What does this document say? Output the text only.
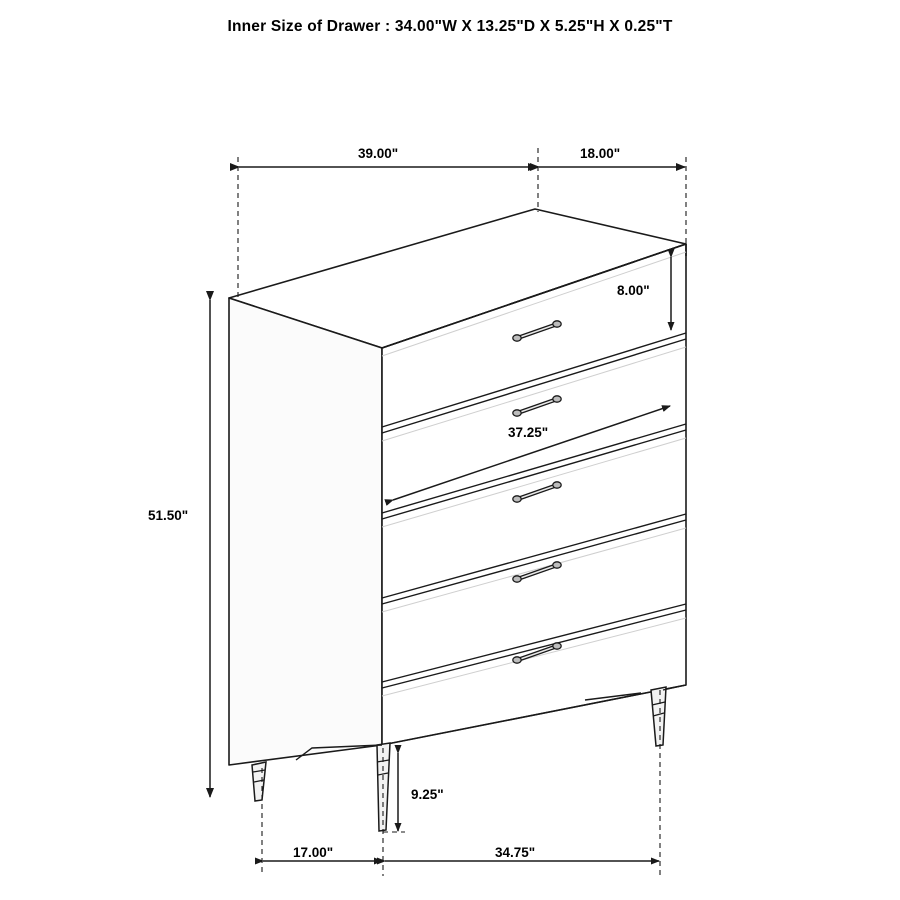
Inner Size of Drawer : 34.00"W X 13.25"D X 5.25"H X 0.25"T
39.00"	18.00"
8.00"
37.25"
51.50"
9.25"
17.00"	34.75"
